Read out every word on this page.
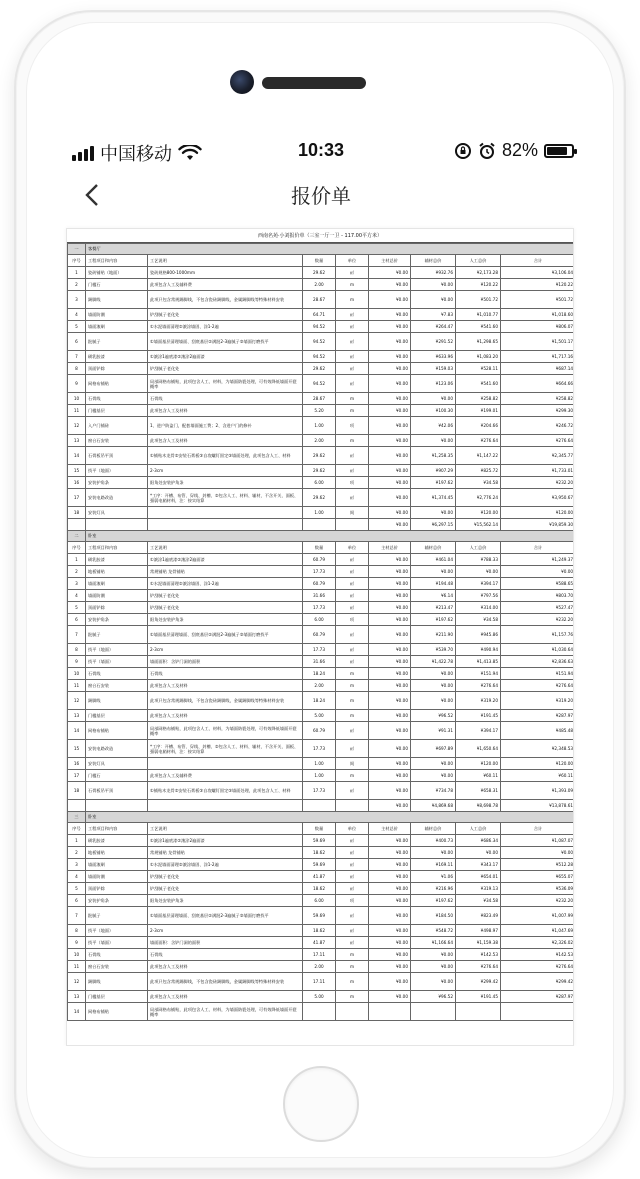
中国移动	10:33	82%
报价单
西南名苑·小刘报价单（三室一厅一卫 - 117.00平方米）
一	客餐厅							
序号	工程项目和内容	工艺说明	数量	单位	主材总价	辅材总价	人工总价	合计
1	瓷砖铺贴（地面）	瓷砖规格800-1000mm	29.62	㎡	¥0.00	¥932.76	¥2,173.28	¥3,106.04
2	门槛石	此项包含人工及辅料费	2.00	m	¥0.00	¥0.00	¥120.22	¥120.22
3	踢脚线	此项只包含常规踢脚线，不包含瓷砖踢脚线，金属踢脚线等特殊材料安装	28.67	m	¥0.00	¥0.00	¥501.72	¥501.72
4	墙面防潮	铲刮腻子老化处	64.71	㎡	¥0.00	¥7.83	¥1,010.77	¥1,018.60
5	墙面滚刷	①水泥墙面清理②滚涂墙固、涂1-2遍	94.52	㎡	¥0.00	¥264.47	¥541.60	¥806.07
6	批腻子	①墙面基层清理墙面、刮底基层②满批2-3遍腻子③墙面打磨找平	94.52	㎡	¥0.00	¥291.52	¥1,298.65	¥1,501.17
7	刷乳胶漆	①滚涂1遍底漆②滚涂2遍面漆	94.52	㎡	¥0.00	¥633.96	¥1,083.20	¥1,717.16
8	顶面铲除	铲刮腻子老化处	29.62	㎡	¥0.00	¥159.03	¥528.11	¥687.14
9	网格布铺贴	局部网格布铺贴，此项包含人工、材料，为墙面防裂处理，可有效降低墙面开裂概率	94.52	㎡	¥0.00	¥123.06	¥541.60	¥664.66
10	石膏线	石膏线	28.67	m	¥0.00	¥0.00	¥258.82	¥258.82
11	门槛基层	此项包含人工及材料	5.20	m	¥0.00	¥100.30	¥199.01	¥299.30
12	入户门铺砖	1、进户防盗门，配套墙面施工费；2、含进户门的修补	1.00	项	¥0.00	¥42.06	¥204.66	¥246.72
13	窗台石安装	此项包含人工及材料	2.00	m	¥0.00	¥0.00	¥276.64	¥276.64
14	石膏板吊平顶	①铺贴木龙骨②安装石膏板③自攻螺钉固定③墙面处理，此项包含人工、材料	29.62	㎡	¥0.00	¥1,258.35	¥1,147.22	¥2,345.77
15	找平（地面）	2-3cm	29.62	㎡	¥0.00	¥907.29	¥825.72	¥1,733.01
16	安装护角条	阳角处安装护角条	6.00	项	¥0.00	¥197.62	¥34.58	¥232.20
17	安装电路改造	*工序：开槽、布管、穿线、封槽、②包含人工、材料、辅材，不含开关、面板、强弱电箱材料，注：按实结算	29.62	㎡	¥0.00	¥1,374.45	¥2,776.24	¥3,950.67
18	安装灯具		1.00	间	¥0.00	¥0.00	¥120.00	¥120.00
					¥0.00	¥6,297.15	¥15,562.14	¥19,859.30
二	卧室							
序号	工程项目和内容	工艺说明	数量	单位	主材总价	辅材总价	人工总价	合计
1	刷乳胶漆	①滚涂1遍底漆②滚涂2遍面漆	60.79	㎡	¥0.00	¥461.04	¥788.33	¥1,249.37
2	地板铺贴	常规铺贴 龙骨铺贴	17.73	㎡	¥0.00	¥0.00	¥0.00	¥0.00
3	墙面滚刷	①水泥墙面清理②滚涂墙固、涂1-2遍	60.79	㎡	¥0.00	¥194.48	¥394.17	¥588.65
4	墙面防潮	铲刮腻子老化处	31.66	㎡	¥0.00	¥6.14	¥797.56	¥803.70
5	顶面铲除	铲刮腻子老化处	17.73	㎡	¥0.00	¥213.47	¥314.00	¥527.47
6	安装护角条	阳角处安装护角条	6.00	项	¥0.00	¥197.62	¥34.58	¥232.20
7	批腻子	①墙面基层清理墙面、刮底基层②满批2-3遍腻子③墙面打磨找平	60.79	㎡	¥0.00	¥211.90	¥945.86	¥1,157.76
8	找平（地面）	2-3cm	17.73	㎡	¥0.00	¥539.70	¥490.94	¥1,030.64
9	找平（墙面）	墙面面积：含铲门洞的面积	31.66	㎡	¥0.00	¥1,422.78	¥1,413.85	¥2,836.63
10	石膏线	石膏线	18.24	m	¥0.00	¥0.00	¥151.94	¥151.94
11	窗台石安装	此项包含人工及材料	2.00	m	¥0.00	¥0.00	¥276.64	¥276.64
12	踢脚线	此项只包含常规踢脚线，不包含瓷砖踢脚线，金属踢脚线等特殊材料安装	18.24	m	¥0.00	¥0.00	¥319.20	¥319.20
13	门槛基层	此项包含人工及材料	5.00	m	¥0.00	¥96.52	¥191.45	¥287.97
14	网格布铺贴	局部网格布铺贴，此项包含人工、材料，为墙面防裂处理，可有效降低墙面开裂概率	60.79	㎡	¥0.00	¥91.31	¥394.17	¥485.48
15	安装电路改造	*工序：开槽、布管、穿线、封槽、②包含人工、材料、辅材，不含开关、面板、强弱电箱材料，注：按实结算	17.73	㎡	¥0.00	¥697.89	¥1,650.64	¥2,348.53
16	安装灯具		1.00	间	¥0.00	¥0.00	¥120.00	¥120.00
17	门槛石	此项包含人工及辅料费	1.00	m	¥0.00	¥0.00	¥60.11	¥60.11
18	石膏板吊平顶	①铺贴木龙骨②安装石膏板③自攻螺钉固定③墙面处理，此项包含人工、材料	17.73	㎡	¥0.00	¥734.78	¥658.31	¥1,393.09
					¥0.00	¥4,869.68	¥8,698.78	¥13,878.61
三	卧室							
序号	工程项目和内容	工艺说明	数量	单位	主材总价	辅材总价	人工总价	合计
1	刷乳胶漆	①滚涂1遍底漆②滚涂2遍面漆	59.69	㎡	¥0.00	¥400.73	¥686.34	¥1,087.07
2	地板铺贴	常规铺贴 龙骨铺贴	18.62	㎡	¥0.00	¥0.00	¥0.00	¥0.00
3	墙面滚刷	①水泥墙面清理②滚涂墙固、涂1-2遍	59.69	㎡	¥0.00	¥169.11	¥343.17	¥512.28
4	墙面防潮	铲刮腻子老化处	41.87	㎡	¥0.00	¥1.06	¥654.01	¥655.07
5	顶面铲除	铲刮腻子老化处	18.62	㎡	¥0.00	¥216.96	¥319.13	¥536.09
6	安装护角条	阳角处安装护角条	6.00	项	¥0.00	¥197.62	¥34.58	¥232.20
7	批腻子	①墙面基层清理墙面、刮底基层②满批2-3遍腻子③墙面打磨找平	59.69	㎡	¥0.00	¥184.50	¥823.49	¥1,007.99
8	找平（地面）	2-3cm	18.62	㎡	¥0.00	¥548.72	¥498.97	¥1,047.69
9	找平（墙面）	墙面面积：含铲门洞的面积	41.87	㎡	¥0.00	¥1,166.64	¥1,159.38	¥2,326.02
10	石膏线	石膏线	17.11	m	¥0.00	¥0.00	¥142.53	¥142.53
11	窗台石安装	此项包含人工及材料	2.00	m	¥0.00	¥0.00	¥276.64	¥276.64
12	踢脚线	此项只包含常规踢脚线，不包含瓷砖踢脚线，金属踢脚线等特殊材料安装	17.11	m	¥0.00	¥0.00	¥299.42	¥299.42
13	门槛基层	此项包含人工及材料	5.00	m	¥0.00	¥96.52	¥191.45	¥287.97
14	网格布铺贴	局部网格布铺贴，此项包含人工、材料，为墙面防裂处理，可有效降低墙面开裂概率						
